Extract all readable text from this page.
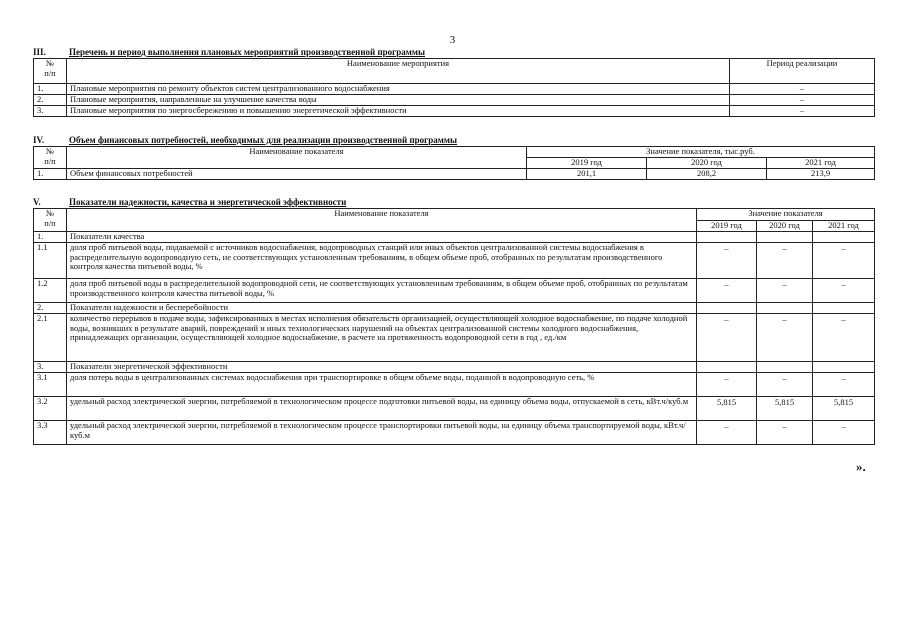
3
III.	Перечень и период выполнения плановых мероприятий производственной программы
№
п/п	Наименование мероприятия	Период реализации
1.	Плановые мероприятия по ремонту объектов систем централизованного водоснабжения	–
2.	Плановые мероприятия, направленные на улучшение качества воды	–
3.	Плановые мероприятия по энергосбережению и повышению энергетической эффективности	–
IV.	Объем финансовых потребностей, необходимых для реализации производственной программы
№
п/п	Наименование показателя	Значение показателя, тыс.руб.		
		2019 год	2020 год	2021 год
1.	Объем финансовых потребностей	201,1	208,2	213,9
V.	Показатели надежности, качества и энергетической эффективности
№
п/п	Наименование показателя	Значение показателя		
		2019 год	2020 год	2021 год
1.	Показатели качества			
1.1	доля проб питьевой воды, подаваемой с источников водоснабжения, водопроводных станций или иных объектов централизованной системы водоснабжения в распределительную водопроводную сеть, не соответствующих установленным требованиям, в общем объеме проб, отобранных по результатам производственного контроля качества питьевой воды, %	–	–	–
1.2	доля проб питьевой воды в распределительной водопроводной сети, не соответствующих установленным требованиям, в общем объеме проб, отобранных по результатам производственного контроля качества питьевой воды, %	–	–	–
2.	Показатели надежности и бесперебойности			
2.1	количество перерывов в подаче воды, зафиксированных в местах исполнения обязательств организацией, осуществляющей холодное водоснабжение, по подаче холодной воды, возникших в результате аварий, повреждений и иных технологических нарушений на объектах централизованной системы холодного водоснабжения, принадлежащих организации, осуществляющей холодное водоснабжение, в расчете на протяженность водопроводной сети в год , ед./км	–	–	–
3.	Показатели энергетической эффективности			
3.1	доля потерь воды в централизованных системах водоснабжения при транспортировке в общем объеме воды, поданной в водопроводную сеть, %	–	–	–
3.2	удельный расход электрической энергии, потребляемой в технологическом процессе подготовки питьевой воды, на единицу объема воды, отпускаемой в сеть, кВт.ч/куб.м	5,815	5,815	5,815
3.3	удельный расход электрической энергии, потребляемой в технологическом процессе транспортировки питьевой воды, на единицу объема транспортируемой воды, кВт.ч/куб.м	–	–	–
».
